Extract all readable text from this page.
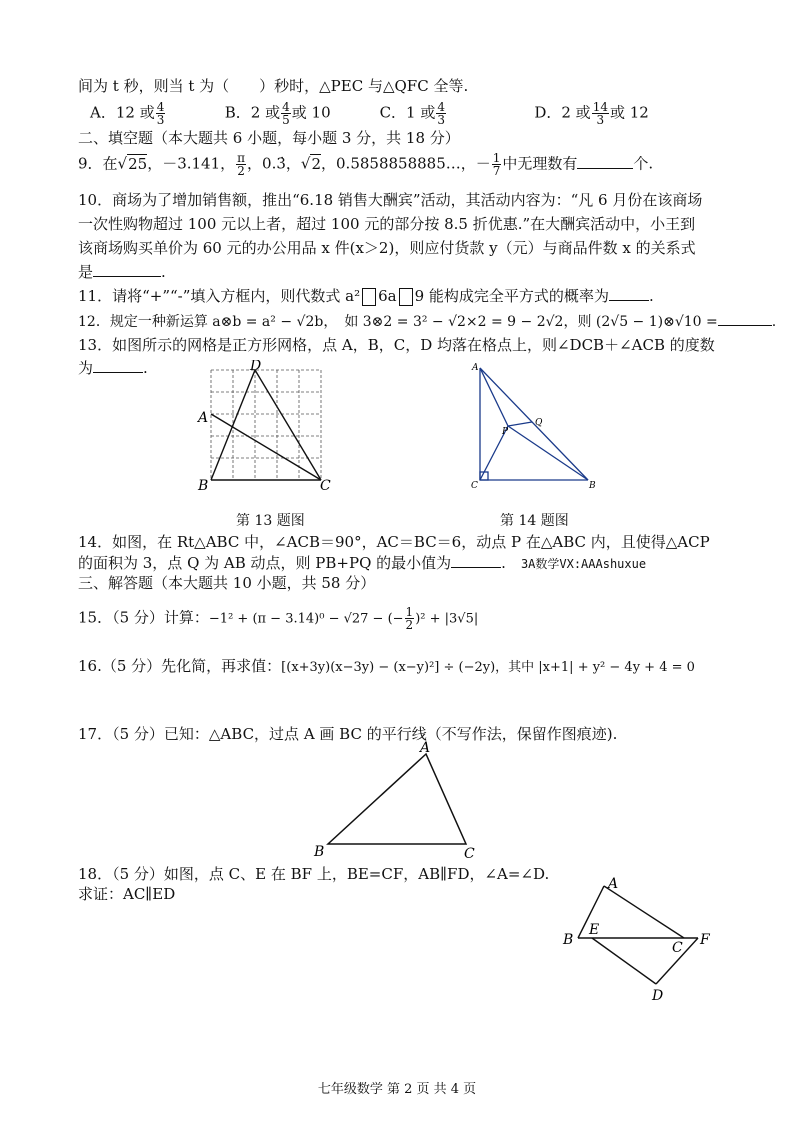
间为 t 秒，则当 t 为（　　）秒时，△PEC 与△QFC 全等.
A．12 或 $\frac{4}{3}$	B．2 或 $\frac{4}{5}$ 或 10	C．1 或 $\frac{4}{3}$	D．2 或 $\frac{14}{3}$ 或 12
二、填空题（本大题共 6 小题，每小题 3 分，共 18 分）
9．在√25，－3.141， $\frac{\pi}{2}$ ，0.3̇，√2，0.5858858885…，－ $\frac{1}{7}$ 中无理数有	个.
10．商场为了增加销售额，推出“6.18 销售大酬宾”活动，其活动内容为：“凡 6 月份在该商场
一次性购物超过 100 元以上者，超过 100 元的部分按 8.5 折优惠.”在大酬宾活动中，小王到
该商场购买单价为 60 元的办公用品 x 件(x＞2)，则应付货款 y（元）与商品件数 x 的关系式
是	.
11．请将“+”“-”填入方框内，则代数式 a² 6a 9 能构成完全平方式的概率为	.
12．规定一种新运算 a⊗b = a² − √2b，　如 3⊗2 = 3² − √2×2 = 9 − 2√2，则 (2√5 − 1)⊗√10 =	.
13．如图所示的网格是正方形网格，点 A，B，C，D 均落在格点上，则∠DCB＋∠ACB 的度数
为	.	D
A
B	C
第 13 题图
A
P
Q
C	B
第 14 题图
14．如图，在 Rt△ABC 中，∠ACB＝90°，AC＝BC＝6，动点 P 在△ABC 内，且使得△ACP
的面积为 3，点 Q 为 AB 动点，则 PB+PQ 的最小值为	.　3A数学VX:AAAshuxue
三、解答题（本大题共 10 小题，共 58 分）
15．（5 分）计算：−1² + (π − 3.14)⁰ − √27 − (− $\frac{1}{2} )^2 + |3√5|$
16.（5 分）先化简，再求值：[(x+3y)(x−3y) − (x−y)²] ÷ (−2y)，其中 |x+1| + y² − 4y + 4 = 0
17．（5 分）已知：△ABC，过点 A 画 BC 的平行线（不写作法，保留作图痕迹).
A
B	C
18．（5 分）如图，点 C、E 在 BF 上，BE=CF，AB∥FD，∠A=∠D.
求证：AC∥ED
A
B
E
C F
D
七年级数学 第 2 页 共 4 页
